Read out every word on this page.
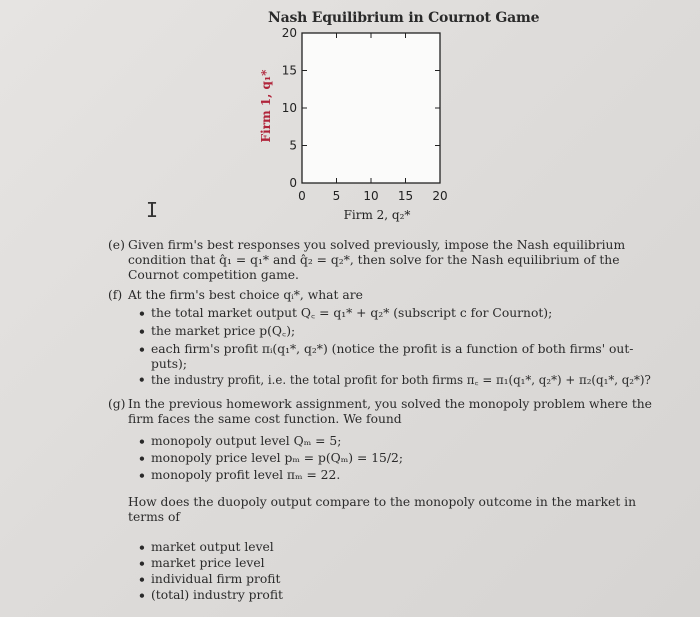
Nash Equilibrium in Cournot Game
0 5 10 15 20
0
5
10
15
20
Firm 2, q₂*
Firm 1, q₁*
I
(e) Given firm's best responses you solved previously, impose the Nash equilibrium
condition that q̂₁ = q₁* and q̂₂ = q₂*, then solve for the Nash equilibrium of the
Cournot competition game.
(f) At the firm's best choice qᵢ*, what are
• the total market output Q꜀ = q₁* + q₂* (subscript c for Cournot);
• the market price p(Q꜀);
• each firm's profit πᵢ(q₁*, q₂*) (notice the profit is a function of both firms' out-
puts);
• the industry profit, i.e. the total profit for both firms π꜀ = π₁(q₁*, q₂*) + π₂(q₁*, q₂*)?
(g) In the previous homework assignment, you solved the monopoly problem where the
firm faces the same cost function. We found
• monopoly output level Qₘ = 5;
• monopoly price level pₘ = p(Qₘ) = 15/2;
• monopoly profit level πₘ = 22.
How does the duopoly output compare to the monopoly outcome in the market in
terms of
• market output level
• market price level
• individual firm profit
• (total) industry profit
